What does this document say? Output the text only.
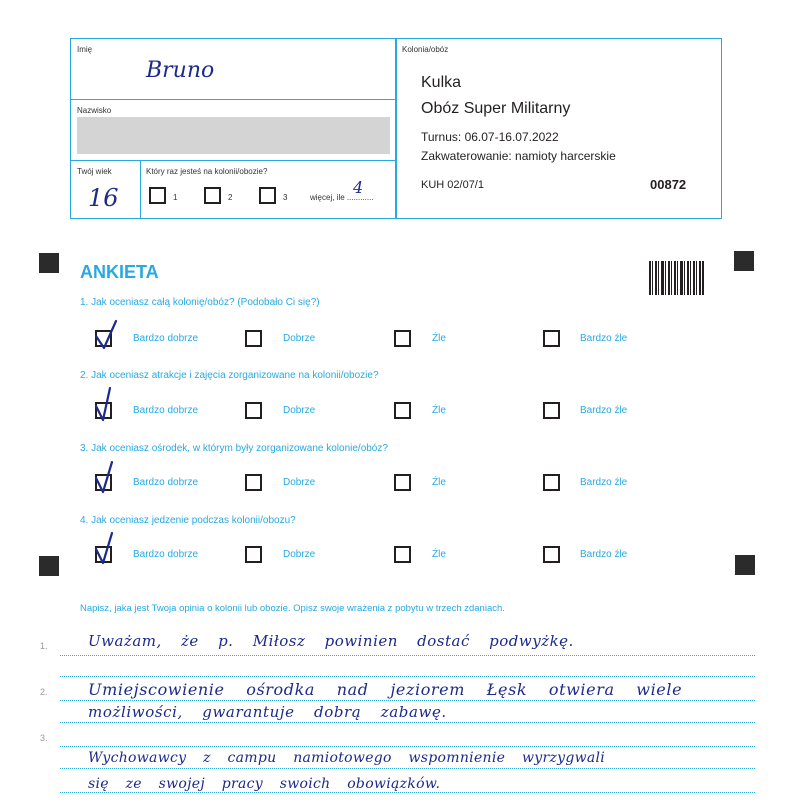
Imię
Bruno
Nazwisko
Twój wiek
16
Który raz jesteś na kolonii/obozie?
1	2	3	więcej, ile ............
4
Kolonia/obóz
Kulka
Obóz Super Militarny
Turnus: 06.07-16.07.2022
Zakwaterowanie: namioty harcerskie
KUH 02/07/1	00872
ANKIETA
1. Jak oceniasz całą kolonię/obóz? (Podobało Ci się?)
Bardzo dobrze	Dobrze	Źle	Bardzo źle
2. Jak oceniasz atrakcje i zajęcia zorganizowane na kolonii/obozie?
Bardzo dobrze	Dobrze	Źle	Bardzo źle
3. Jak oceniasz ośrodek, w którym były zorganizowane kolonie/obóz?
Bardzo dobrze	Dobrze	Źle	Bardzo źle
4. Jak oceniasz jedzenie podczas kolonii/obozu?
Bardzo dobrze	Dobrze	Źle	Bardzo źle
Napisz, jaka jest Twoja opinia o kolonii lub obozie. Opisz swoje wrażenia z pobytu w trzech zdaniach.
1.
2.
3.
Uważam, że p. Miłosz powinien dostać podwyżkę.
Umiejscowienie ośrodka nad jeziorem Łęsk otwiera wiele
możliwości, gwarantuje dobrą zabawę.
Wychowawcy z campu namiotowego wspomnienie wyrzygwali
się ze swojej pracy swoich obowiązków.
